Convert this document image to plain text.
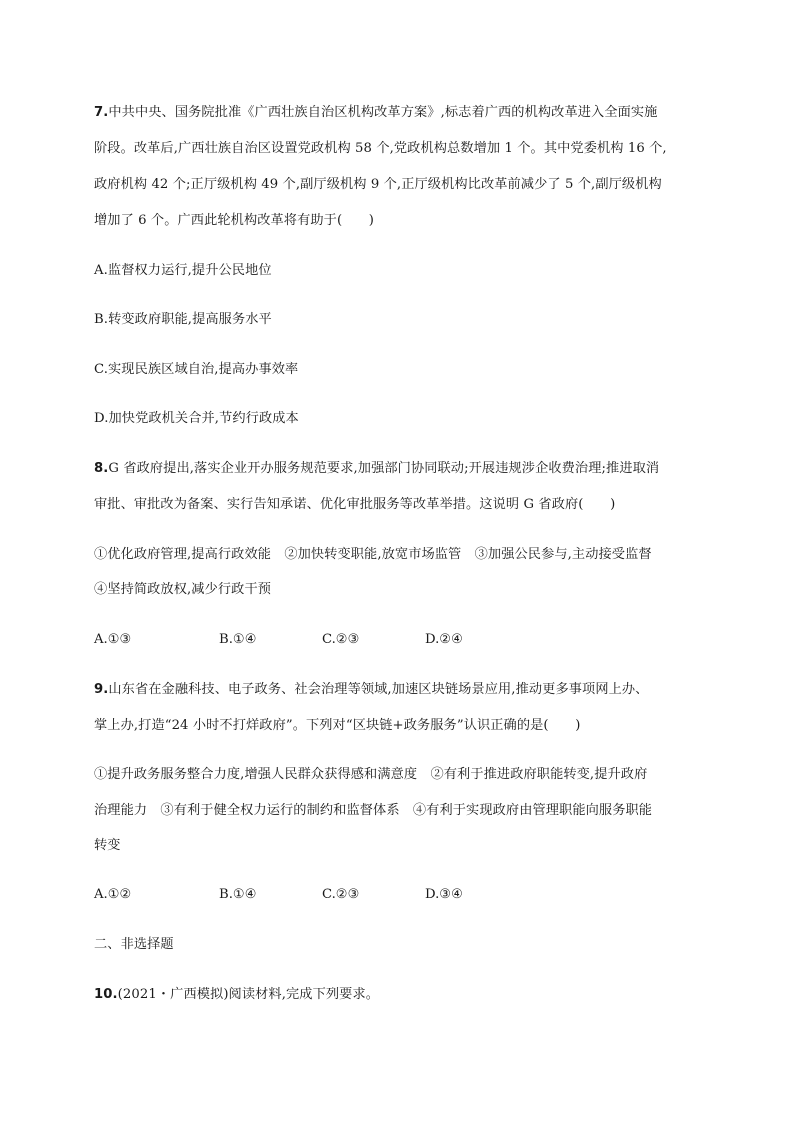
7.中共中央、国务院批准《广西壮族自治区机构改革方案》,标志着广西的机构改革进入全面实施
阶段。改革后,广西壮族自治区设置党政机构 58 个,党政机构总数增加 1 个。其中党委机构 16 个,
政府机构 42 个;正厅级机构 49 个,副厅级机构 9 个,正厅级机构比改革前减少了 5 个,副厅级机构
增加了 6 个。广西此轮机构改革将有助于(　　)
A.监督权力运行,提升公民地位
B.转变政府职能,提高服务水平
C.实现民族区域自治,提高办事效率
D.加快党政机关合并,节约行政成本
8.G 省政府提出,落实企业开办服务规范要求,加强部门协同联动;开展违规涉企收费治理;推进取消
审批、审批改为备案、实行告知承诺、优化审批服务等改革举措。这说明 G 省政府(　　)
①优化政府管理,提高行政效能　②加快转变职能,放宽市场监管　③加强公民参与,主动接受监督
④坚持简政放权,减少行政干预
A.①③	B.①④	C.②③	D.②④
9.山东省在金融科技、电子政务、社会治理等领域,加速区块链场景应用,推动更多事项网上办、
掌上办,打造“24 小时不打烊政府”。下列对“区块链+政务服务”认识正确的是(　　)
①提升政务服务整合力度,增强人民群众获得感和满意度　②有利于推进政府职能转变,提升政府
治理能力　③有利于健全权力运行的制约和监督体系　④有利于实现政府由管理职能向服务职能
转变
A.①②	B.①④	C.②③	D.③④
二、非选择题
10.(2021・广西模拟)阅读材料,完成下列要求。
